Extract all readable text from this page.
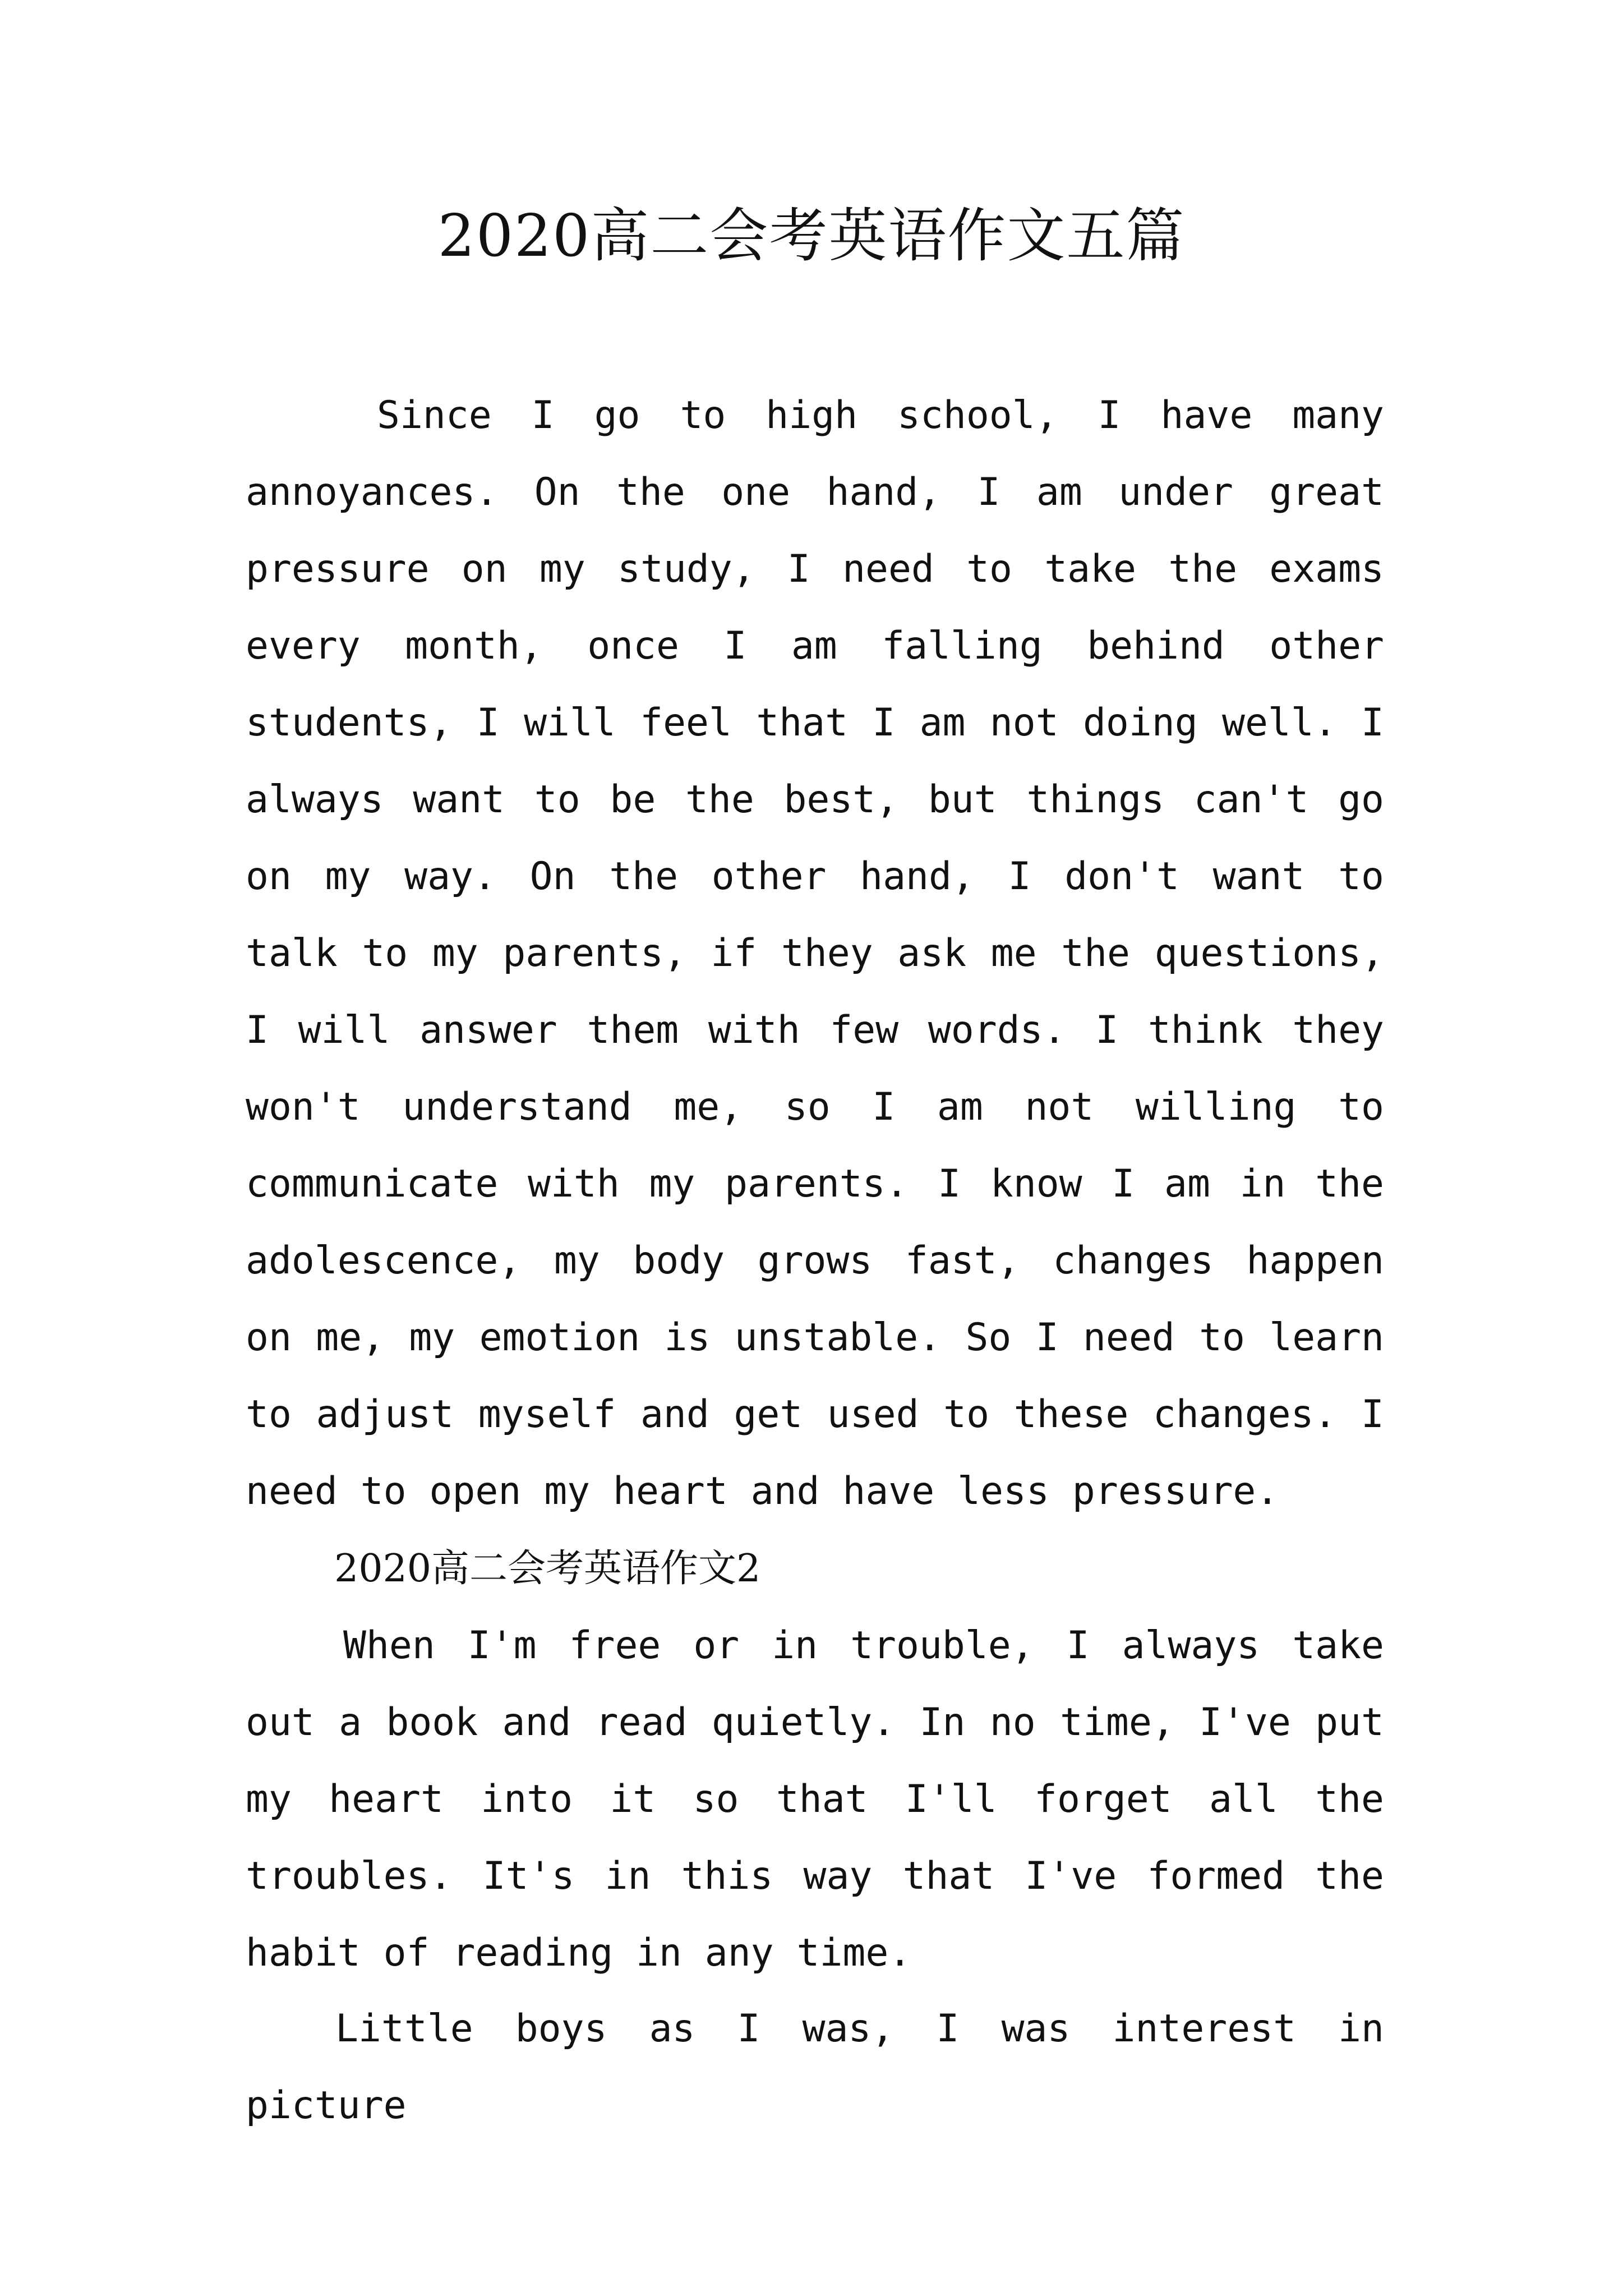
2020高二会考英语作文五篇

Since I go to high school, I have many annoyances. On the one hand, I am under great pressure on my study, I need to take the exams every month, once I am falling behind other students, I will feel that I am not doing well. I always want to be the best, but things can't go on my way. On the other hand, I don't want to talk to my parents, if they ask me the questions, I will answer them with few words. I think they won't understand me, so I am not willing to communicate with my parents. I know I am in the adolescence, my body grows fast, changes happen on me, my emotion is unstable. So I need to learn to adjust myself and get used to these changes. I need to open my heart and have less pressure.

2020高二会考英语作文2

When I'm free or in trouble, I always take out a book and read quietly. In no time, I've put my heart into it so that I'll forget all the troubles. It's in this way that I've formed the habit of reading in any time.

Little boys as I was, I was interest in picture
